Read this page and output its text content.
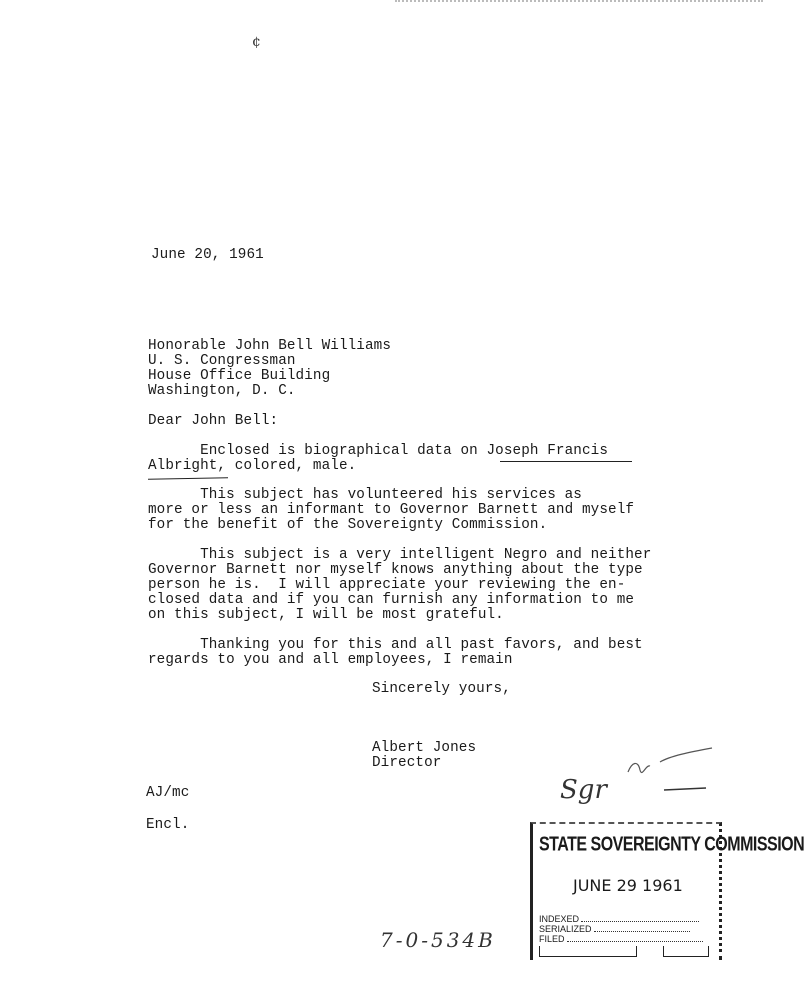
¢
June 20, 1961
Honorable John Bell Williams
U. S. Congressman
House Office Building
Washington, D. C.
Dear John Bell:
Enclosed is biographical data on Joseph Francis
Albright, colored, male.
This subject has volunteered his services as
more or less an informant to Governor Barnett and myself
for the benefit of the Sovereignty Commission.
This subject is a very intelligent Negro and neither
Governor Barnett nor myself knows anything about the type
person he is.  I will appreciate your reviewing the en-
closed data and if you can furnish any information to me
on this subject, I will be most grateful.
Thanking you for this and all past favors, and best
regards to you and all employees, I remain
Sincerely yours,
Albert Jones
Director
AJ/mc
Encl.
Sgr
STATE SOVEREIGNTY COMMISSION
JUNE 29 1961
INDEXED
SERIALIZED
FILED
7-0-534B
